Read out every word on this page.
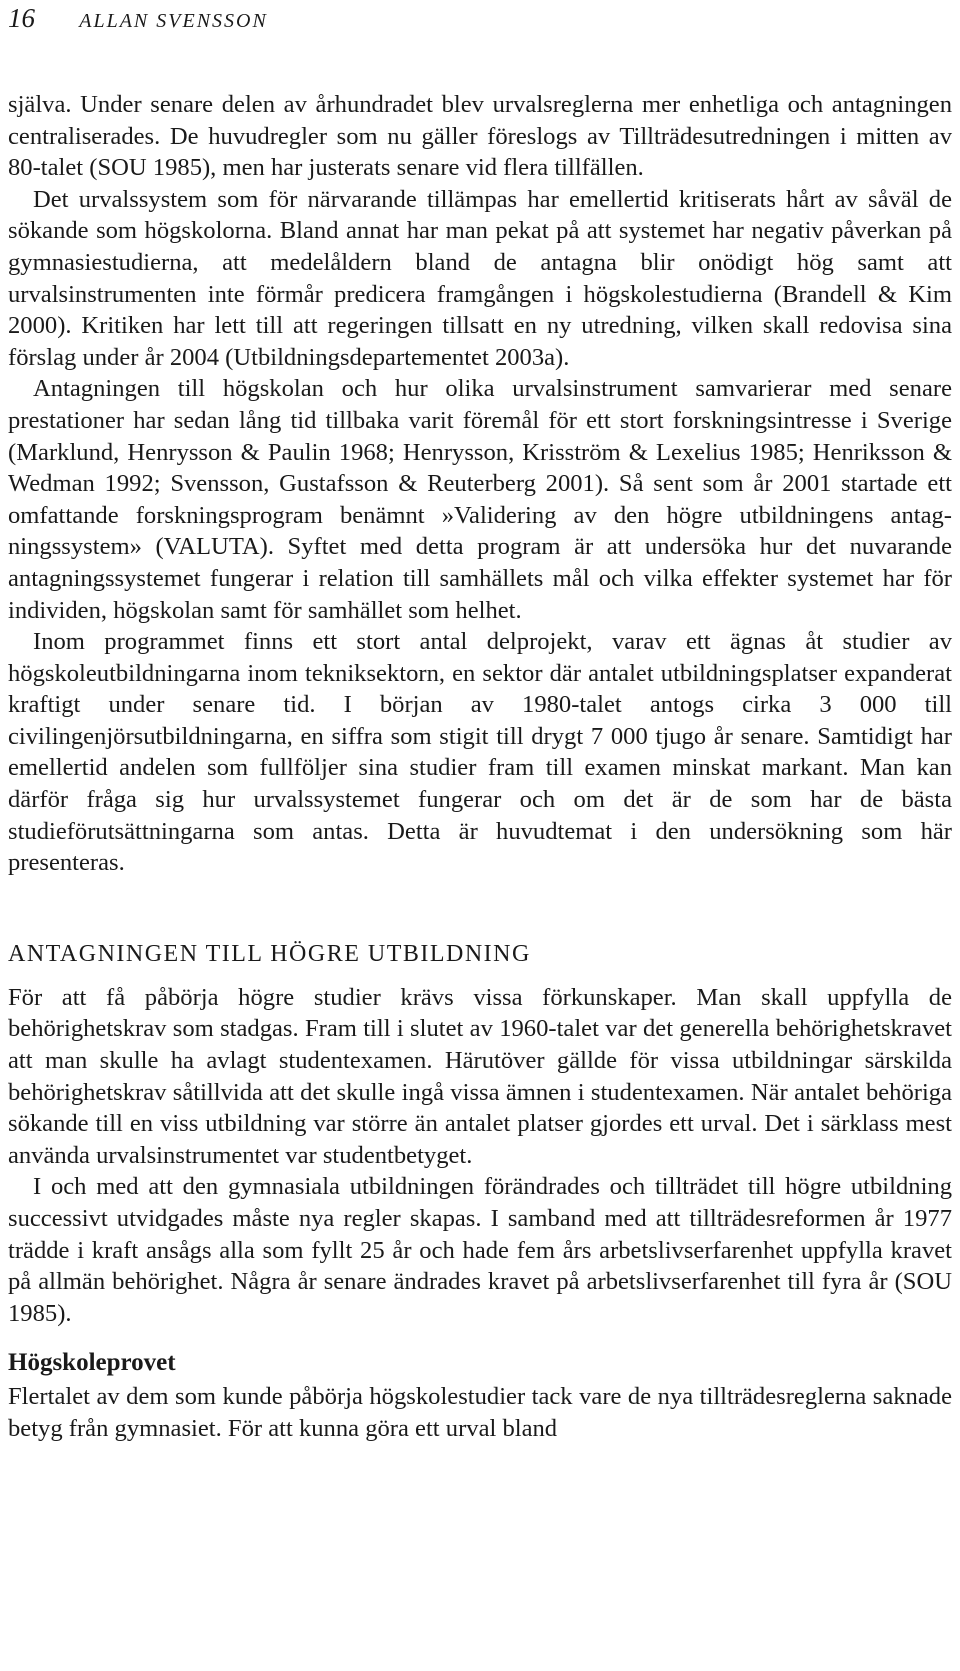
16 ALLAN SVENSSON

själva. Under senare delen av århundradet blev urvalsreglerna mer enhetliga och antagningen centraliserades. De huvudregler som nu gäller föreslogs av Tillträdesutredningen i mitten av 80-talet (SOU 1985), men har justerats senare vid flera tillfällen.

Det urvalssystem som för närvarande tillämpas har emellertid kritiserats hårt av såväl de sökande som högskolorna. Bland annat har man pekat på att systemet har negativ påverkan på gymnasiestudierna, att medelåldern bland de antagna blir onödigt hög samt att urvalsinstrumenten inte förmår predicera framgången i högskolestudierna (Brandell & Kim 2000). Kritiken har lett till att regeringen tillsatt en ny utredning, vilken skall redovisa sina förslag under år 2004 (Utbildningsdepartementet 2003a).

Antagningen till högskolan och hur olika urvalsinstrument samvarierar med senare prestationer har sedan lång tid tillbaka varit föremål för ett stort forskningsintresse i Sverige (Marklund, Henrysson & Paulin 1968; Henrysson, Krisström & Lexelius 1985; Henriksson & Wedman 1992; Svensson, Gustafsson & Reuterberg 2001). Så sent som år 2001 startade ett omfattande forskningsprogram benämnt »Validering av den högre utbildningens antagningssystem» (VALUTA). Syftet med detta program är att undersöka hur det nuvarande antagningssystemet fungerar i relation till samhällets mål och vilka effekter systemet har för individen, högskolan samt för samhället som helhet.

Inom programmet finns ett stort antal delprojekt, varav ett ägnas åt studier av högskoleutbildningarna inom tekniksektorn, en sektor där antalet utbildningsplatser expanderat kraftigt under senare tid. I början av 1980-talet antogs cirka 3 000 till civilingenjörsutbildningarna, en siffra som stigit till drygt 7 000 tjugo år senare. Samtidigt har emellertid andelen som fullföljer sina studier fram till examen minskat markant. Man kan därför fråga sig hur urvalssystemet fungerar och om det är de som har de bästa studieförutsättningarna som antas. Detta är huvudtemat i den undersökning som här presenteras.

ANTAGNINGEN TILL HÖGRE UTBILDNING

För att få påbörja högre studier krävs vissa förkunskaper. Man skall uppfylla de behörighetskrav som stadgas. Fram till i slutet av 1960-talet var det generella behörighetskravet att man skulle ha avlagt studentexamen. Härutöver gällde för vissa utbildningar särskilda behörighetskrav såtillvida att det skulle ingå vissa ämnen i studentexamen. När antalet behöriga sökande till en viss utbildning var större än antalet platser gjordes ett urval. Det i särklass mest använda urvalsinstrumentet var studentbetyget.

I och med att den gymnasiala utbildningen förändrades och tillträdet till högre utbildning successivt utvidgades måste nya regler skapas. I samband med att tillträdesreformen år 1977 trädde i kraft ansågs alla som fyllt 25 år och hade fem års arbetslivserfarenhet uppfylla kravet på allmän behörighet. Några år senare ändrades kravet på arbetslivserfarenhet till fyra år (SOU 1985).

Högskoleprovet

Flertalet av dem som kunde påbörja högskolestudier tack vare de nya tillträdesreglerna saknade betyg från gymnasiet. För att kunna göra ett urval bland
